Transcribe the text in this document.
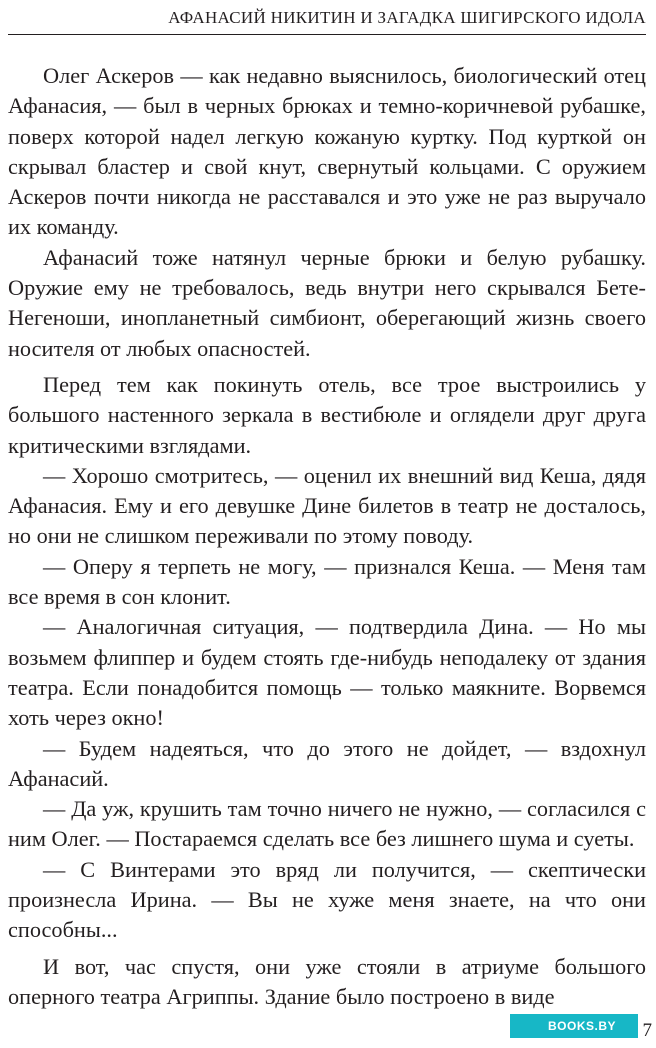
АФАНАСИЙ НИКИТИН И ЗАГАДКА ШИГИРСКОГО ИДОЛА

Олег Аскеров — как недавно выяснилось, биологический отец Афанасия, — был в черных брюках и темно-коричневой рубашке, поверх которой надел легкую кожаную куртку. Под курткой он скрывал бластер и свой кнут, свернутый кольцами. С оружием Аскеров почти никогда не расставался и это уже не раз выручало их команду.

Афанасий тоже натянул черные брюки и белую рубашку. Оружие ему не требовалось, ведь внутри него скрывался Бете-Негеноши, инопланетный симбионт, оберегающий жизнь своего носителя от любых опасностей.

Перед тем как покинуть отель, все трое выстроились у большого настенного зеркала в вестибюле и оглядели друг друга критическими взглядами.

— Хорошо смотритесь, — оценил их внешний вид Кеша, дядя Афанасия. Ему и его девушке Дине билетов в театр не досталось, но они не слишком переживали по этому поводу.

— Оперу я терпеть не могу, — признался Кеша. — Меня там все время в сон клонит.

— Аналогичная ситуация, — подтвердила Дина. — Но мы возьмем флиппер и будем стоять где-нибудь неподалеку от здания театра. Если понадобится помощь — только маякните. Ворвемся хоть через окно!

— Будем надеяться, что до этого не дойдет, — вздохнул Афанасий.

— Да уж, крушить там точно ничего не нужно, — согласился с ним Олег. — Постараемся сделать все без лишнего шума и суеты.

— С Винтерами это вряд ли получится, — скептически произнесла Ирина. — Вы не хуже меня знаете, на что они способны...

И вот, час спустя, они уже стояли в атриуме большого оперного театра Агриппы. Здание было построено в виде

BOOKS.BY	7
